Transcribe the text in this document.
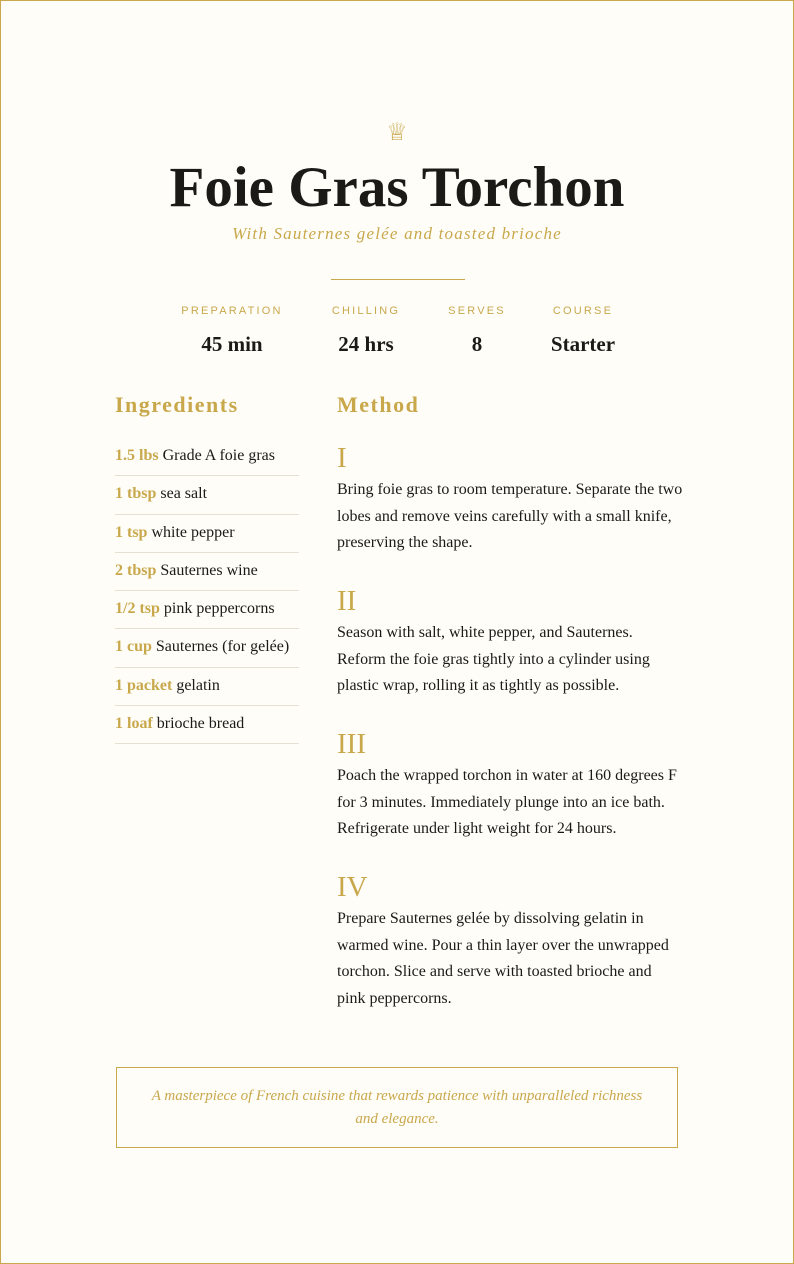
♕
Foie Gras Torchon
With Sauternes gelée and toasted brioche
PREPARATION
45 min
CHILLING
24 hrs
SERVES
8
COURSE
Starter
Ingredients
1.5 lbs Grade A foie gras
1 tbsp sea salt
1 tsp white pepper
2 tbsp Sauternes wine
1/2 tsp pink peppercorns
1 cup Sauternes (for gelée)
1 packet gelatin
1 loaf brioche bread
Method
I
Bring foie gras to room temperature. Separate the two lobes and remove veins carefully with a small knife, preserving the shape.
II
Season with salt, white pepper, and Sauternes. Reform the foie gras tightly into a cylinder using plastic wrap, rolling it as tightly as possible.
III
Poach the wrapped torchon in water at 160 degrees F for 3 minutes. Immediately plunge into an ice bath. Refrigerate under light weight for 24 hours.
IV
Prepare Sauternes gelée by dissolving gelatin in warmed wine. Pour a thin layer over the unwrapped torchon. Slice and serve with toasted brioche and pink peppercorns.
A masterpiece of French cuisine that rewards patience with unparalleled richness and elegance.
